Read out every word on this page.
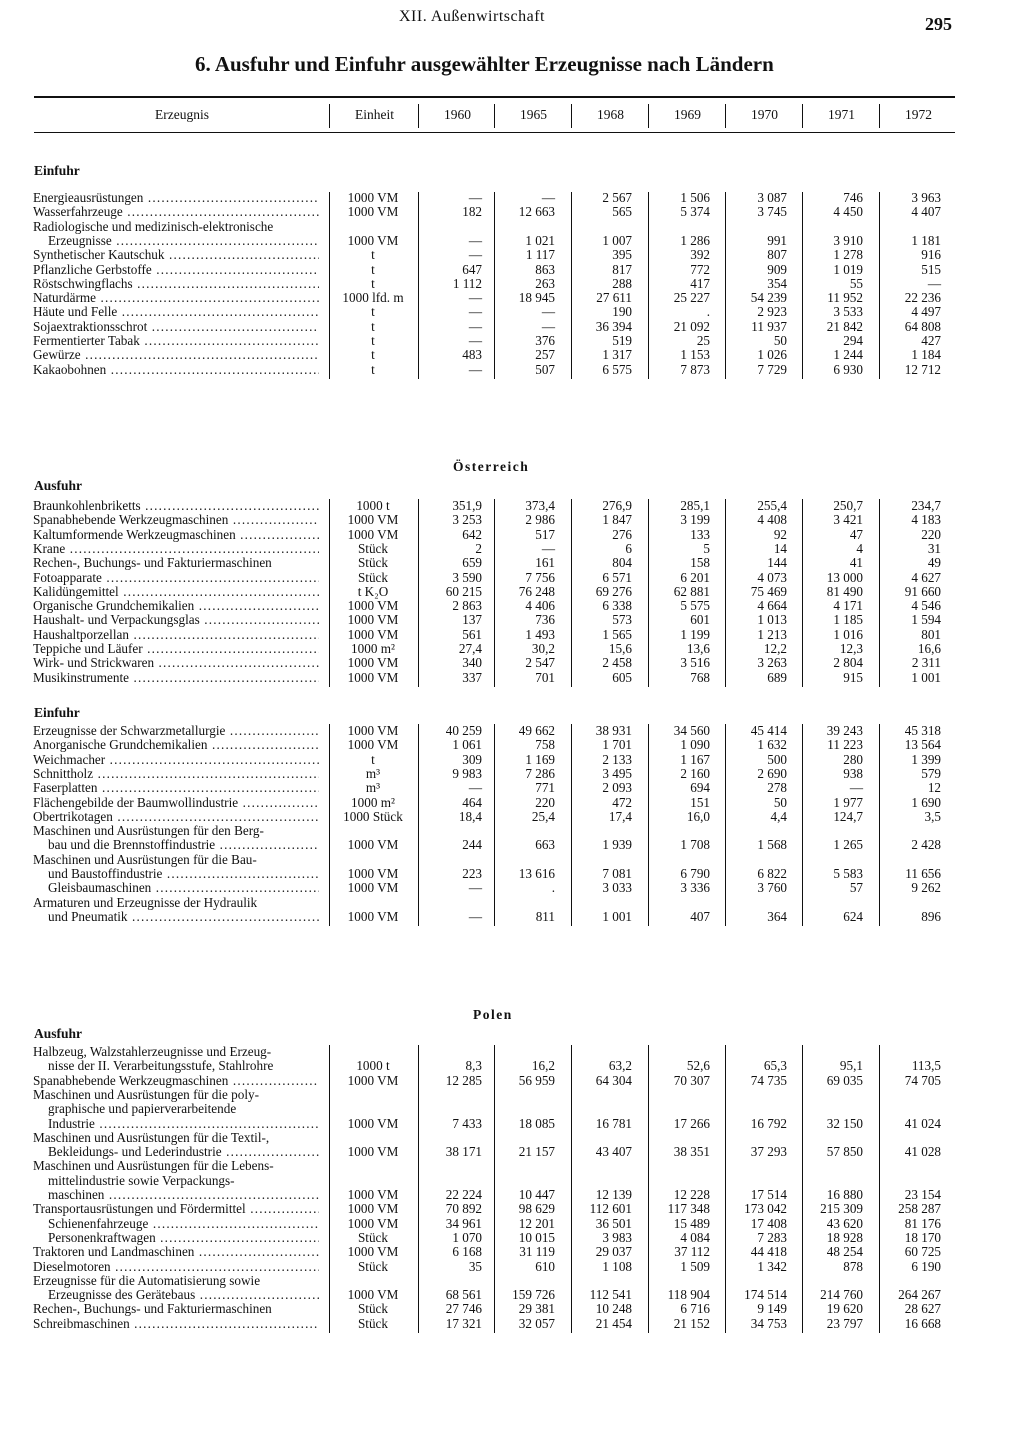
XII. Außenwirtschaft	295
6. Ausfuhr und Einfuhr ausgewählter Erzeugnisse nach Ländern
Erzeugnis	Einheit	1960	1965	1968	1969	1970	1971	1972
Einfuhr
Energieausrüstungen .....	1000 VM	—	—	2 567	1 506	3 087	746	3 963
Wasserfahrzeuge .....	1000 VM	182	12 663	565	5 374	3 745	4 450	4 407
Radiologische und medizinisch-elektronische
Erzeugnisse .....	1000 VM	—	1 021	1 007	1 286	991	3 910	1 181
Synthetischer Kautschuk .....	t	—	1 117	395	392	807	1 278	916
Pflanzliche Gerbstoffe .....	t	647	863	817	772	909	1 019	515
Röstschwingflachs .....	t	1 112	263	288	417	354	55	—
Naturdärme .....	1000 lfd. m	—	18 945	27 611	25 227	54 239	11 952	22 236
Häute und Felle .....	t	—	—	190	.	2 923	3 533	4 497
Sojaextraktionsschrot .....	t	—	—	36 394	21 092	11 937	21 842	64 808
Fermentierter Tabak .....	t	—	376	519	25	50	294	427
Gewürze .....	t	483	257	1 317	1 153	1 026	1 244	1 184
Kakaobohnen .....	t	—	507	6 575	7 873	7 729	6 930	12 712
Österreich
Ausfuhr
Braunkohlenbriketts .....	1000 t	351,9	373,4	276,9	285,1	255,4	250,7	234,7
Spanabhebende Werkzeugmaschinen .....	1000 VM	3 253	2 986	1 847	3 199	4 408	3 421	4 183
Kaltumformende Werkzeugmaschinen .....	1000 VM	642	517	276	133	92	47	220
Krane .....	Stück	2	—	6	5	14	4	31
Rechen-, Buchungs- und Fakturiermaschinen	Stück	659	161	804	158	144	41	49
Fotoapparate .....	Stück	3 590	7 756	6 571	6 201	4 073	13 000	4 627
Kalidüngemittel .....	t K₂O	60 215	76 248	69 276	62 881	75 469	81 490	91 660
Organische Grundchemikalien .....	1000 VM	2 863	4 406	6 338	5 575	4 664	4 171	4 546
Haushalt- und Verpackungsglas .....	1000 VM	137	736	573	601	1 013	1 185	1 594
Haushaltporzellan .....	1000 VM	561	1 493	1 565	1 199	1 213	1 016	801
Teppiche und Läufer .....	1000 m²	27,4	30,2	15,6	13,6	12,2	12,3	16,6
Wirk- und Strickwaren .....	1000 VM	340	2 547	2 458	3 516	3 263	2 804	2 311
Musikinstrumente .....	1000 VM	337	701	605	768	689	915	1 001
Einfuhr
Erzeugnisse der Schwarzmetallurgie .....	1000 VM	40 259	49 662	38 931	34 560	45 414	39 243	45 318
Anorganische Grundchemikalien .....	1000 VM	1 061	758	1 701	1 090	1 632	11 223	13 564
Weichmacher .....	t	309	1 169	2 133	1 167	500	280	1 399
Schnittholz .....	m³	9 983	7 286	3 495	2 160	2 690	938	579
Faserplatten .....	m³	—	771	2 093	694	278	—	12
Flächengebilde der Baumwollindustrie .....	1000 m²	464	220	472	151	50	1 977	1 690
Obertrikotagen .....	1000 Stück	18,4	25,4	17,4	16,0	4,4	124,7	3,5
Maschinen und Ausrüstungen für den Berg-
bau und die Brennstoffindustrie .....	1000 VM	244	663	1 939	1 708	1 568	1 265	2 428
Maschinen und Ausrüstungen für die Bau-
und Baustoffindustrie .....	1000 VM	223	13 616	7 081	6 790	6 822	5 583	11 656
Gleisbaumaschinen .....	1000 VM	—	.	3 033	3 336	3 760	57	9 262
Armaturen und Erzeugnisse der Hydraulik
und Pneumatik .....	1000 VM	—	811	1 001	407	364	624	896
Polen
Ausfuhr
Halbzeug, Walzstahlerzeugnisse und Erzeug-
nisse der II. Verarbeitungsstufe, Stahlrohre	1000 t	8,3	16,2	63,2	52,6	65,3	95,1	113,5
Spanabhebende Werkzeugmaschinen .....	1000 VM	12 285	56 959	64 304	70 307	74 735	69 035	74 705
Maschinen und Ausrüstungen für die poly-
graphische und papierverarbeitende
Industrie .....	1000 VM	7 433	18 085	16 781	17 266	16 792	32 150	41 024
Maschinen und Ausrüstungen für die Textil-,
Bekleidungs- und Lederindustrie .....	1000 VM	38 171	21 157	43 407	38 351	37 293	57 850	41 028
Maschinen und Ausrüstungen für die Lebens-
mittelindustrie sowie Verpackungs-
maschinen .....	1000 VM	22 224	10 447	12 139	12 228	17 514	16 880	23 154
Transportausrüstungen und Fördermittel .....	1000 VM	70 892	98 629	112 601	117 348	173 042	215 309	258 287
Schienenfahrzeuge .....	1000 VM	34 961	12 201	36 501	15 489	17 408	43 620	81 176
Personenkraftwagen .....	Stück	1 070	10 015	3 983	4 084	7 283	18 928	18 170
Traktoren und Landmaschinen .....	1000 VM	6 168	31 119	29 037	37 112	44 418	48 254	60 725
Dieselmotoren .....	Stück	35	610	1 108	1 509	1 342	878	6 190
Erzeugnisse für die Automatisierung sowie
Erzeugnisse des Gerätebaus .....	1000 VM	68 561	159 726	112 541	118 904	174 514	214 760	264 267
Rechen-, Buchungs- und Fakturiermaschinen	Stück	27 746	29 381	10 248	6 716	9 149	19 620	28 627
Schreibmaschinen .....	Stück	17 321	32 057	21 454	21 152	34 753	23 797	16 668
